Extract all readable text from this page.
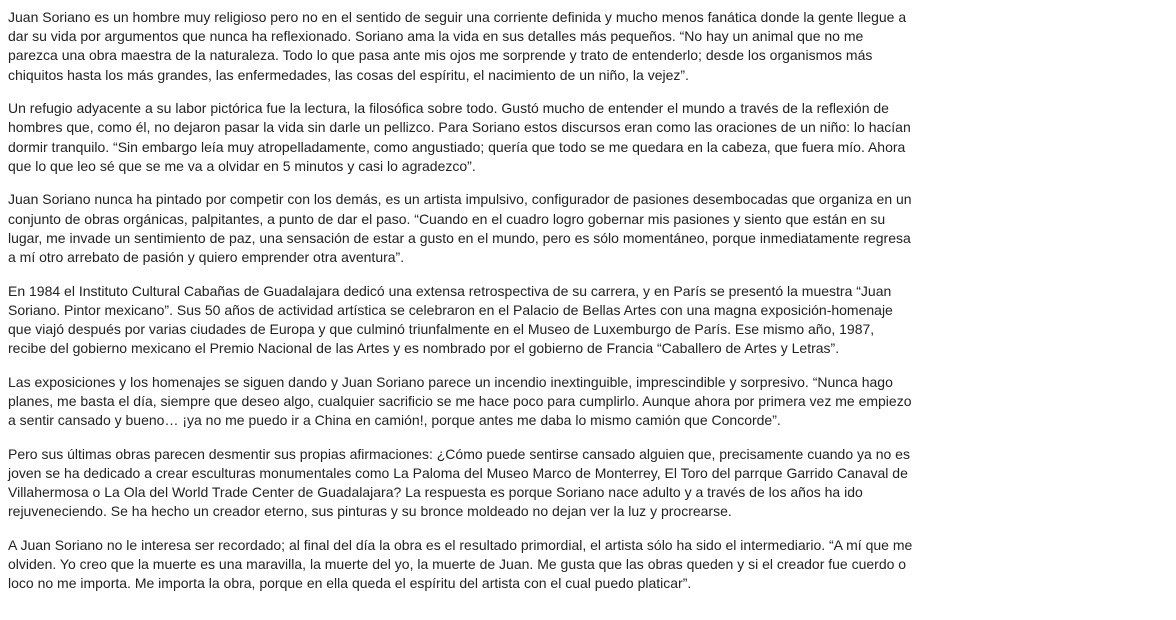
Juan Soriano es un hombre muy religioso pero no en el sentido de seguir una corriente definida y mucho menos fanática donde la gente llegue a dar su vida por argumentos que nunca ha reflexionado. Soriano ama la vida en sus detalles más pequeños. “No hay un animal que no me parezca una obra maestra de la naturaleza. Todo lo que pasa ante mis ojos me sorprende y trato de entenderlo; desde los organismos más chiquitos hasta los más grandes, las enfermedades, las cosas del espíritu, el nacimiento de un niño, la vejez”.

Un refugio adyacente a su labor pictórica fue la lectura, la filosófica sobre todo. Gustó mucho de entender el mundo a través de la reflexión de hombres que, como él, no dejaron pasar la vida sin darle un pellizco. Para Soriano estos discursos eran como las oraciones de un niño: lo hacían dormir tranquilo. “Sin embargo leía muy atropelladamente, como angustiado; quería que todo se me quedara en la cabeza, que fuera mío. Ahora que lo que leo sé que se me va a olvidar en 5 minutos y casi lo agradezco”.

Juan Soriano nunca ha pintado por competir con los demás, es un artista impulsivo, configurador de pasiones desembocadas que organiza en un conjunto de obras orgánicas, palpitantes, a punto de dar el paso. “Cuando en el cuadro logro gobernar mis pasiones y siento que están en su lugar, me invade un sentimiento de paz, una sensación de estar a gusto en el mundo, pero es sólo momentáneo, porque inmediatamente regresa a mí otro arrebato de pasión y quiero emprender otra aventura”.

En 1984 el Instituto Cultural Cabañas de Guadalajara dedicó una extensa retrospectiva de su carrera, y en París se presentó la muestra “Juan Soriano. Pintor mexicano”. Sus 50 años de actividad artística se celebraron en el Palacio de Bellas Artes con una magna exposición-homenaje que viajó después por varias ciudades de Europa y que culminó triunfalmente en el Museo de Luxemburgo de París. Ese mismo año, 1987, recibe del gobierno mexicano el Premio Nacional de las Artes y es nombrado por el gobierno de Francia “Caballero de Artes y Letras”.

Las exposiciones y los homenajes se siguen dando y Juan Soriano parece un incendio inextinguible, imprescindible y sorpresivo. “Nunca hago planes, me basta el día, siempre que deseo algo, cualquier sacrificio se me hace poco para cumplirlo. Aunque ahora por primera vez me empiezo a sentir cansado y bueno… ¡ya no me puedo ir a China en camión!, porque antes me daba lo mismo camión que Concorde”.

Pero sus últimas obras parecen desmentir sus propias afirmaciones: ¿Cómo puede sentirse cansado alguien que, precisamente cuando ya no es joven se ha dedicado a crear esculturas monumentales como La Paloma del Museo Marco de Monterrey, El Toro del parrque Garrido Canaval de Villahermosa o La Ola del World Trade Center de Guadalajara? La respuesta es porque Soriano nace adulto y a través de los años ha ido rejuveneciendo. Se ha hecho un creador eterno, sus pinturas y su bronce moldeado no dejan ver la luz y procrearse.

A Juan Soriano no le interesa ser recordado; al final del día la obra es el resultado primordial, el artista sólo ha sido el intermediario. “A mí que me olviden. Yo creo que la muerte es una maravilla, la muerte del yo, la muerte de Juan. Me gusta que las obras queden y si el creador fue cuerdo o loco no me importa. Me importa la obra, porque en ella queda el espíritu del artista con el cual puedo platicar”.
